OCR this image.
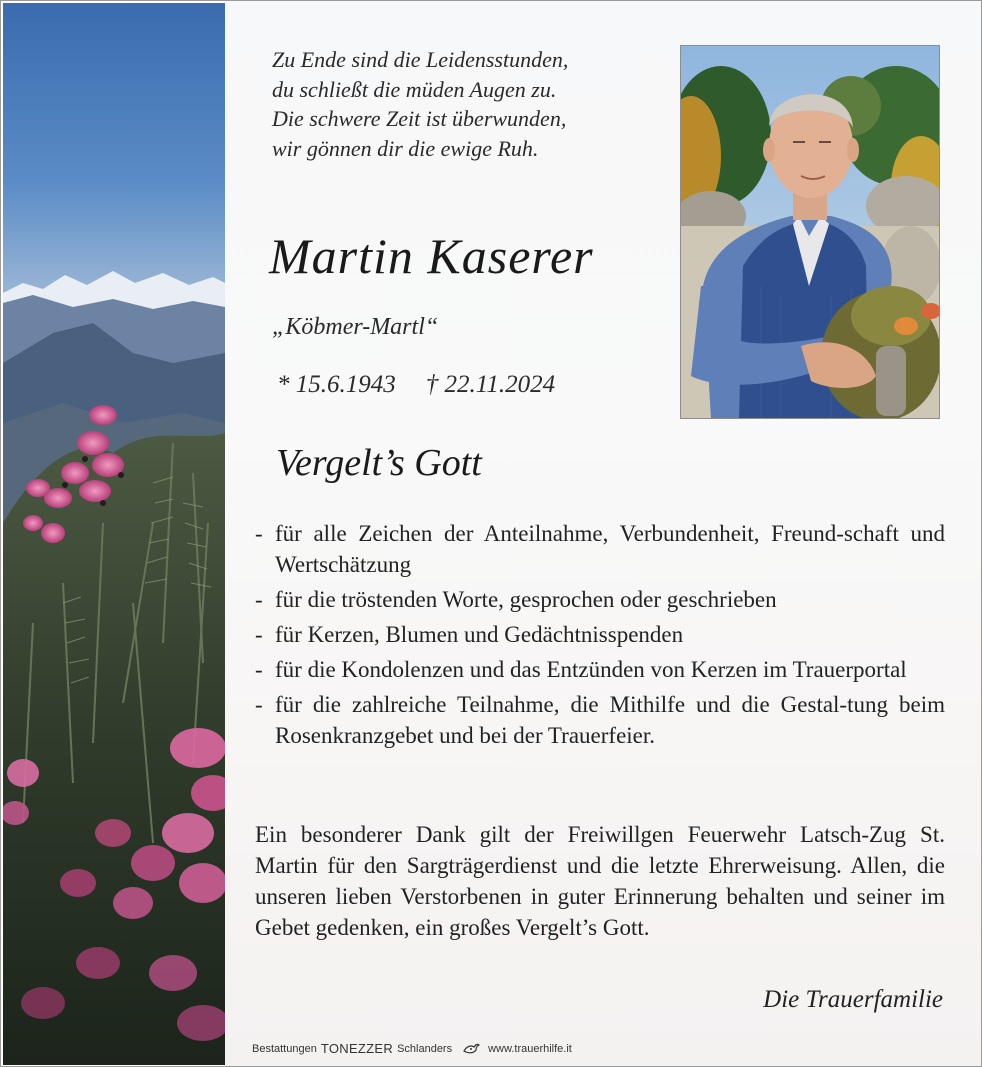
Zu Ende sind die Leidensstunden,

du schließt die müden Augen zu.

Die schwere Zeit ist überwunden,

wir gönnen dir die ewige Ruh.

Martin Kaserer
„Köbmer-Martl“
* 15.6.1943 † 22.11.2024
Vergelt’s Gott
- für alle Zeichen der Anteilnahme, Verbundenheit, Freund-schaft und Wertschätzung
- für die tröstenden Worte, gesprochen oder geschrieben
- für Kerzen, Blumen und Gedächtnisspenden
- für die Kondolenzen und das Entzünden von Kerzen im Trauerportal
- für die zahlreiche Teilnahme, die Mithilfe und die Gestal-tung beim Rosenkranzgebet und bei der Trauerfeier.

Ein besonderer Dank gilt der Freiwillgen Feuerwehr Latsch-Zug St. Martin für den Sargträgerdienst und die letzte Ehrerweisung. Allen, die unseren lieben Verstorbenen in guter Erinnerung behalten und seiner im Gebet gedenken, ein großes Vergelt’s Gott.

Die Trauerfamilie
Bestattungen TONEZZER Schlanders	www.trauerhilfe.it
